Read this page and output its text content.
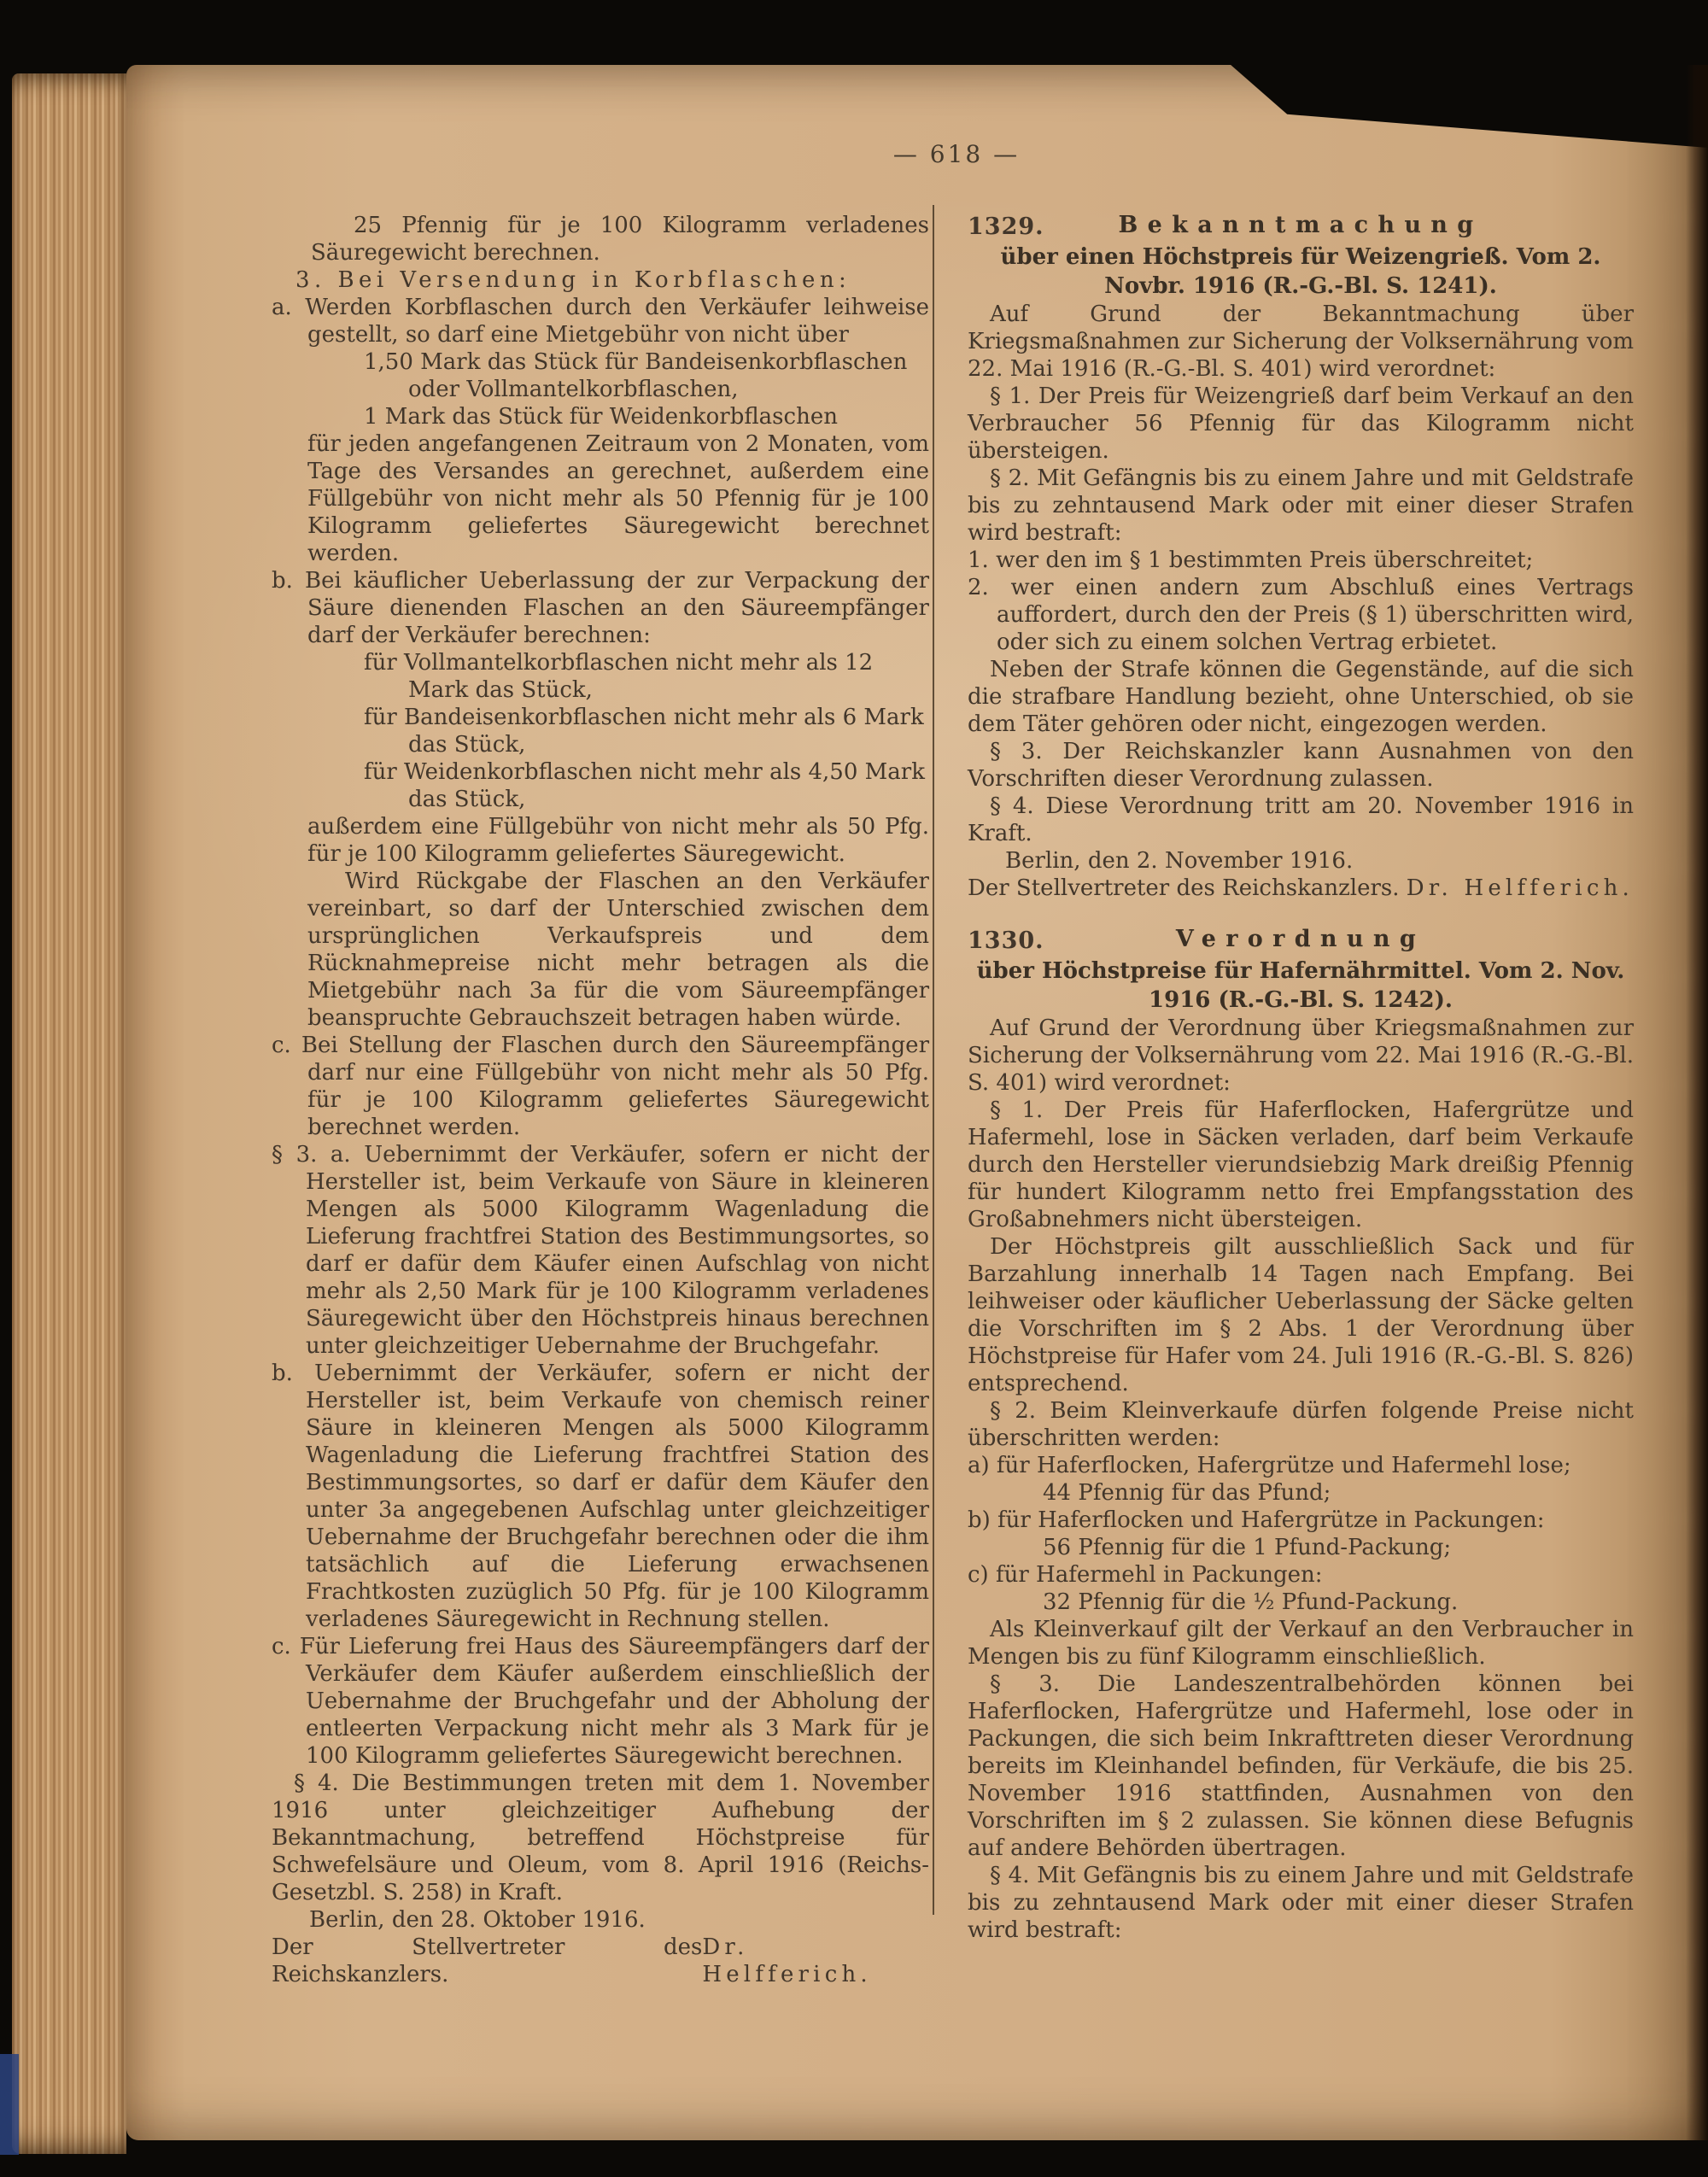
— 618 —

25 Pfennig für je 100 Kilogramm verladenes Säuregewicht berechnen.

3. Bei Versendung in Korbflaschen:

a. Werden Korbflaschen durch den Verkäufer leihweise gestellt, so darf eine Mietgebühr von nicht über

1,50 Mark das Stück für Bandeisenkorbflaschen oder Vollmantelkorbflaschen,

1 Mark das Stück für Weidenkorbflaschen

für jeden angefangenen Zeitraum von 2 Monaten, vom Tage des Versandes an gerechnet, außerdem eine Füllgebühr von nicht mehr als 50 Pfennig für je 100 Kilogramm geliefertes Säuregewicht berechnet werden.

b. Bei käuflicher Ueberlassung der zur Verpackung der Säure dienenden Flaschen an den Säureempfänger darf der Verkäufer berechnen:

für Vollmantelkorbflaschen nicht mehr als 12 Mark das Stück,

für Bandeisenkorbflaschen nicht mehr als 6 Mark das Stück,

für Weidenkorbflaschen nicht mehr als 4,50 Mark das Stück,

außerdem eine Füllgebühr von nicht mehr als 50 Pfg. für je 100 Kilogramm geliefertes Säuregewicht.

Wird Rückgabe der Flaschen an den Verkäufer vereinbart, so darf der Unterschied zwischen dem ursprünglichen Verkaufspreis und dem Rücknahmepreise nicht mehr betragen als die Mietgebühr nach 3a für die vom Säureempfänger beanspruchte Gebrauchszeit betragen haben würde.

c. Bei Stellung der Flaschen durch den Säureempfänger darf nur eine Füllgebühr von nicht mehr als 50 Pfg. für je 100 Kilogramm geliefertes Säuregewicht berechnet werden.

§ 3. a. Uebernimmt der Verkäufer, sofern er nicht der Hersteller ist, beim Verkaufe von Säure in kleineren Mengen als 5000 Kilogramm Wagenladung die Lieferung frachtfrei Station des Bestimmungsortes, so darf er dafür dem Käufer einen Aufschlag von nicht mehr als 2,50 Mark für je 100 Kilogramm verladenes Säuregewicht über den Höchstpreis hinaus berechnen unter gleichzeitiger Uebernahme der Bruchgefahr.

b. Uebernimmt der Verkäufer, sofern er nicht der Hersteller ist, beim Verkaufe von chemisch reiner Säure in kleineren Mengen als 5000 Kilogramm Wagenladung die Lieferung frachtfrei Station des Bestimmungsortes, so darf er dafür dem Käufer den unter 3a angegebenen Aufschlag unter gleichzeitiger Uebernahme der Bruchgefahr berechnen oder die ihm tatsächlich auf die Lieferung erwachsenen Frachtkosten zuzüglich 50 Pfg. für je 100 Kilogramm verladenes Säuregewicht in Rechnung stellen.

c. Für Lieferung frei Haus des Säureempfängers darf der Verkäufer dem Käufer außerdem einschließlich der Uebernahme der Bruchgefahr und der Abholung der entleerten Verpackung nicht mehr als 3 Mark für je 100 Kilogramm geliefertes Säuregewicht berechnen.

§ 4. Die Bestimmungen treten mit dem 1. November 1916 unter gleichzeitiger Aufhebung der Bekanntmachung, betreffend Höchstpreise für Schwefelsäure und Oleum, vom 8. April 1916 (Reichs-Gesetzbl. S. 258) in Kraft.

Berlin, den 28. Oktober 1916.

Der Stellvertreter des Reichskanzlers.
Dr. Helfferich.

1329.	Bekanntmachung

über einen Höchstpreis für Weizengrieß. Vom 2. Novbr. 1916 (R.-G.-Bl. S. 1241).

Auf Grund der Bekanntmachung über Kriegsmaßnahmen zur Sicherung der Volksernährung vom 22. Mai 1916 (R.-G.-Bl. S. 401) wird verordnet:

§ 1. Der Preis für Weizengrieß darf beim Verkauf an den Verbraucher 56 Pfennig für das Kilogramm nicht übersteigen.

§ 2. Mit Gefängnis bis zu einem Jahre und mit Geldstrafe bis zu zehntausend Mark oder mit einer dieser Strafen wird bestraft:

1. wer den im § 1 bestimmten Preis überschreitet;

2. wer einen andern zum Abschluß eines Vertrags auffordert, durch den der Preis (§ 1) überschritten wird, oder sich zu einem solchen Vertrag erbietet.

Neben der Strafe können die Gegenstände, auf die sich die strafbare Handlung bezieht, ohne Unterschied, ob sie dem Täter gehören oder nicht, eingezogen werden.

§ 3. Der Reichskanzler kann Ausnahmen von den Vorschriften dieser Verordnung zulassen.

§ 4. Diese Verordnung tritt am 20. November 1916 in Kraft.

Berlin, den 2. November 1916.

Der Stellvertreter des Reichskanzlers. Dr. Helfferich.

1330.	Verordnung

über Höchstpreise für Hafernährmittel. Vom 2. Nov. 1916 (R.-G.-Bl. S. 1242).

Auf Grund der Verordnung über Kriegsmaßnahmen zur Sicherung der Volksernährung vom 22. Mai 1916 (R.-G.-Bl. S. 401) wird verordnet:

§ 1. Der Preis für Haferflocken, Hafergrütze und Hafermehl, lose in Säcken verladen, darf beim Verkaufe durch den Hersteller vierundsiebzig Mark dreißig Pfennig für hundert Kilogramm netto frei Empfangsstation des Großabnehmers nicht übersteigen.

Der Höchstpreis gilt ausschließlich Sack und für Barzahlung innerhalb 14 Tagen nach Empfang. Bei leihweiser oder käuflicher Ueberlassung der Säcke gelten die Vorschriften im § 2 Abs. 1 der Verordnung über Höchstpreise für Hafer vom 24. Juli 1916 (R.-G.-Bl. S. 826) entsprechend.

§ 2. Beim Kleinverkaufe dürfen folgende Preise nicht überschritten werden:

a) für Haferflocken, Hafergrütze und Hafermehl lose;

44 Pfennig für das Pfund;

b) für Haferflocken und Hafergrütze in Packungen:

56 Pfennig für die 1 Pfund-Packung;

c) für Hafermehl in Packungen:

32 Pfennig für die ½ Pfund-Packung.

Als Kleinverkauf gilt der Verkauf an den Verbraucher in Mengen bis zu fünf Kilogramm einschließlich.

§ 3. Die Landeszentralbehörden können bei Haferflocken, Hafergrütze und Hafermehl, lose oder in Packungen, die sich beim Inkrafttreten dieser Verordnung bereits im Kleinhandel befinden, für Verkäufe, die bis 25. November 1916 stattfinden, Ausnahmen von den Vorschriften im § 2 zulassen. Sie können diese Befugnis auf andere Behörden übertragen.

§ 4. Mit Gefängnis bis zu einem Jahre und mit Geldstrafe bis zu zehntausend Mark oder mit einer dieser Strafen wird bestraft:
